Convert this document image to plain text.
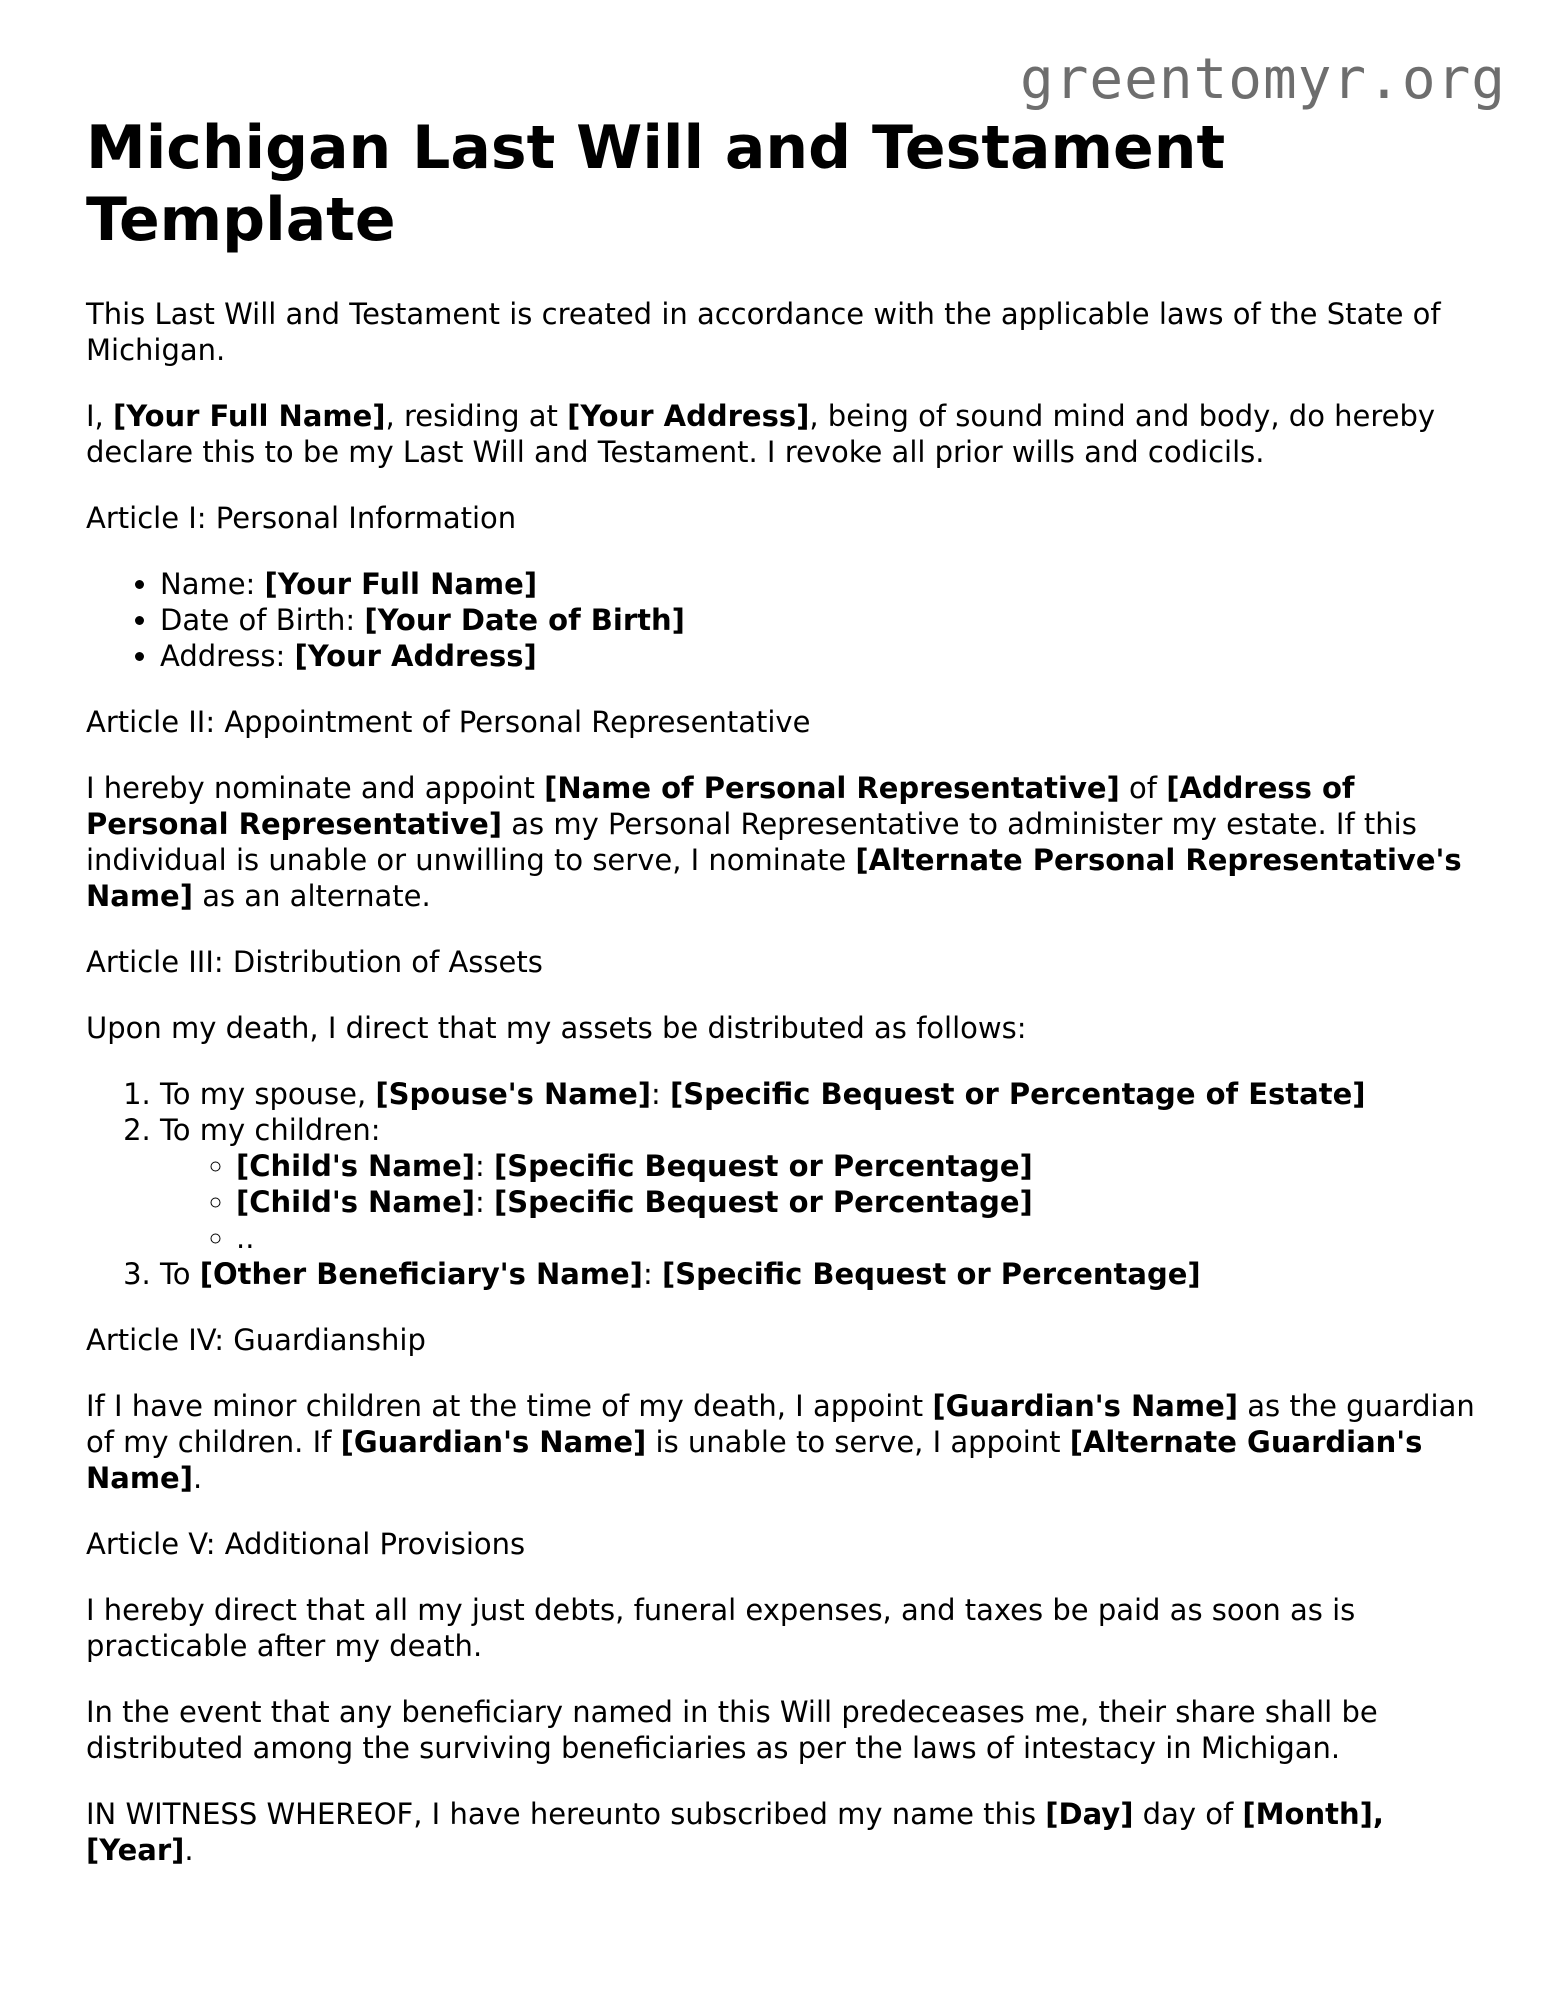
greentomyr.org
Michigan Last Will and Testament Template

This Last Will and Testament is created in accordance with the applicable laws of the State of Michigan.

I, [Your Full Name], residing at [Your Address], being of sound mind and body, do hereby declare this to be my Last Will and Testament. I revoke all prior wills and codicils.

Article I: Personal Information

• Name: [Your Full Name]
• Date of Birth: [Your Date of Birth]
• Address: [Your Address]

Article II: Appointment of Personal Representative

I hereby nominate and appoint [Name of Personal Representative] of [Address of Personal Representative] as my Personal Representative to administer my estate. If this individual is unable or unwilling to serve, I nominate [Alternate Personal Representative's Name] as an alternate.

Article III: Distribution of Assets

Upon my death, I direct that my assets be distributed as follows:

1. To my spouse, [Spouse's Name]: [Specific Bequest or Percentage of Estate]
2. To my children:
◦ [Child's Name]: [Specific Bequest or Percentage]
◦ [Child's Name]: [Specific Bequest or Percentage]
◦ ..
3. To [Other Beneficiary's Name]: [Specific Bequest or Percentage]

Article IV: Guardianship

If I have minor children at the time of my death, I appoint [Guardian's Name] as the guardian of my children. If [Guardian's Name] is unable to serve, I appoint [Alternate Guardian's Name].

Article V: Additional Provisions

I hereby direct that all my just debts, funeral expenses, and taxes be paid as soon as is practicable after my death.

In the event that any beneficiary named in this Will predeceases me, their share shall be distributed among the surviving beneficiaries as per the laws of intestacy in Michigan.

IN WITNESS WHEREOF, I have hereunto subscribed my name this [Day] day of [Month], [Year].
